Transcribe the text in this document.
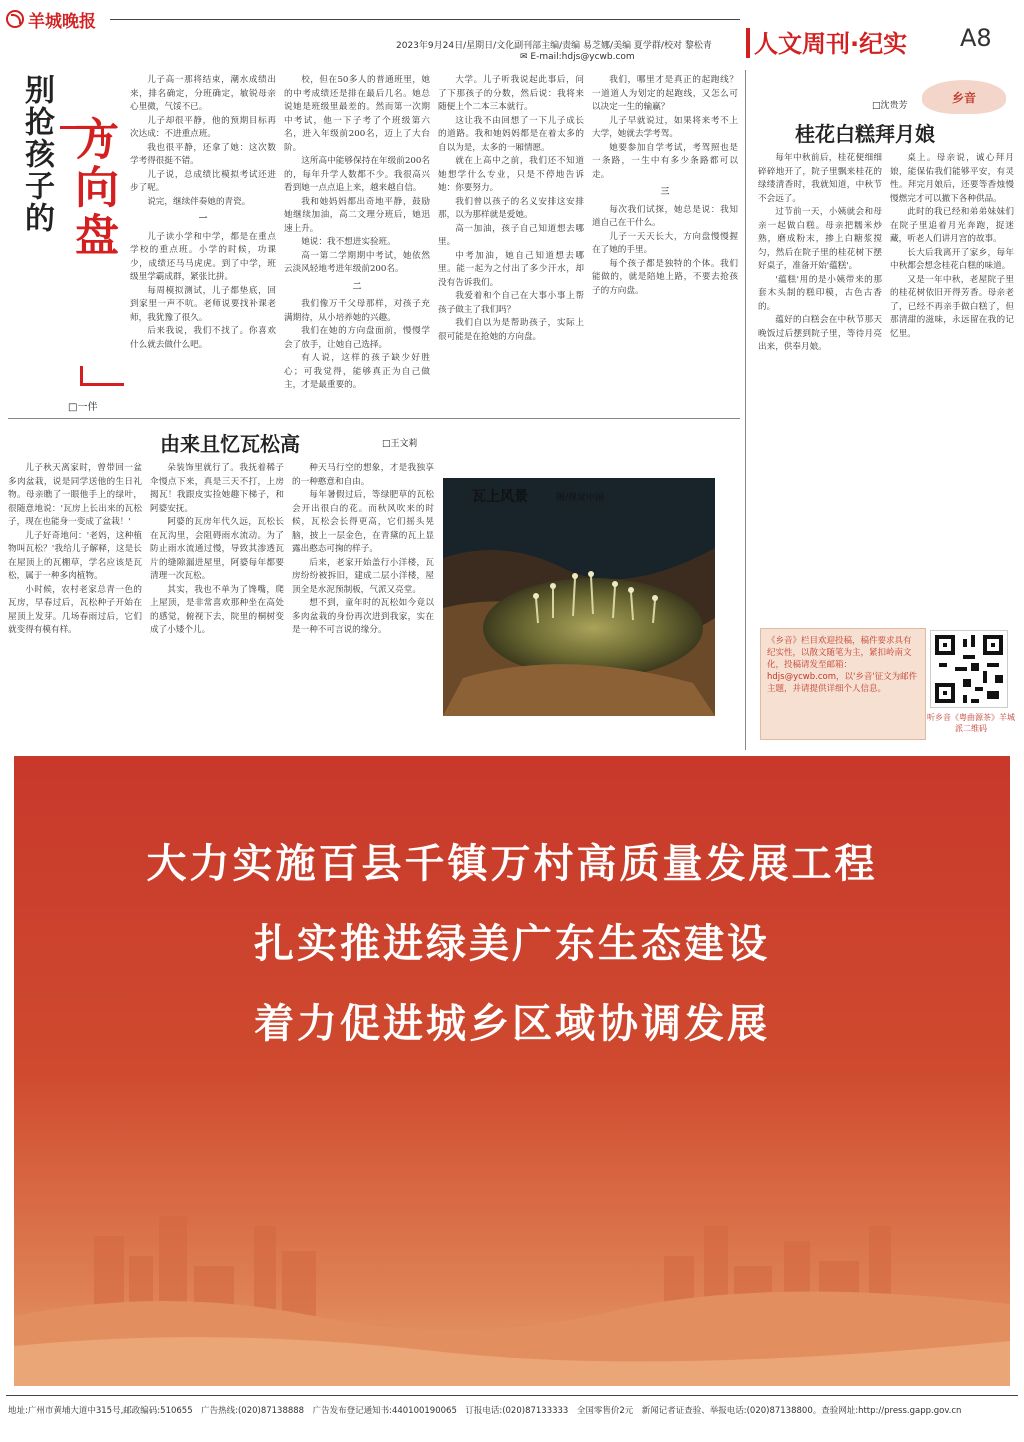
羊城晚报
2023年9月24日/星期日/文化副刊部主编/责编 易芝娜/美编 夏学群/校对 黎松青
✉ E-mail:hdjs@ycwb.com	人文周刊·纪实 A8
别抢孩子的 方向盘
□一伴

儿子高一那将结束，潮水成绩出来，排名确定，分班确定，敏锐母亲心里微，气馁不已。

儿子却很平静，他的预期目标再次达成：不进重点班。

我也很平静，还拿了她：这次数学考得很挺不错。

儿子说，总成绩比模拟考试还进步了呢。

说完，继续伴奏她的青瓷。

一

儿子读小学和中学，都是在重点学校的重点班。小学的时候，功课少，成绩还马马虎虎。到了中学，班级里学霸成群，紧张比拼。

每周模拟测试，儿子都垫底，回到家里一声不吭。老师说要找补课老师，我犹豫了很久。

后来我说，我们不找了。你喜欢什么就去做什么吧。

校，但在50多人的普通班里，她的中考成绩还是排在最后几名。她总说她是班级里最差的。然而第一次期中考试，他一下子考了个班级第六名，进入年级前200名，迈上了大台阶。

这所高中能够保持在年级前200名的，每年升学人数都不少。我很高兴看到她一点点追上来，越来越自信。

我和她妈妈都出奇地平静，鼓励她继续加油，高二文理分班后，她迅速上升。

她说：我不想进实验班。

高一第二学期期中考试，她依然云淡风轻地考进年级前200名。

二

我们像万千父母那样，对孩子充满期待，从小培养她的兴趣。

我们在她的方向盘面前，慢慢学会了放手，让她自己选择。

有人说，这样的孩子缺少好胜心；可我觉得，能够真正为自己做主，才是最重要的。

大学。儿子听我说起此事后，问了下那孩子的分数，然后说：我将来随便上个二本三本就行。

这让我不由回想了一下儿子成长的道路。我和她妈妈都是在着太多的自以为是，太多的一厢情愿。

就在上高中之前，我们还不知道她想学什么专业，只是不停地告诉她：你要努力。

我们曾以孩子的名义安排这安排那，以为那样就是爱她。

高一加油，孩子自己知道想去哪里。

中考加油，她自己知道想去哪里。能一起为之付出了多少汗水，却没有告诉我们。

我爱着和个自己在大事小事上帮孩子做主了我们吗？

我们自以为是帮助孩子，实际上很可能是在抢她的方向盘。

我们，哪里才是真正的起跑线？一道道人为划定的起跑线，又怎么可以决定一生的输赢？

儿子早就说过，如果将来考不上大学，她就去学考驾。

她要参加自学考试，考驾照也是一条路，一生中有多少条路都可以走。

三

每次我们试探，她总是说：我知道自己在干什么。

儿子一天天长大，方向盘慢慢握在了她的手里。

每个孩子都是独特的个体。我们能做的，就是陪她上路，不要去抢孩子的方向盘。

由来且忆瓦松高	□王文莉

儿子秋天离家时，曾带回一盆多肉盆栽，说是同学送他的生日礼物。母亲瞧了一眼他手上的绿叶，很随意地说：'瓦房上长出来的瓦松子，现在也能身一变成了盆栽！'

儿子好奇地问：'老妈，这种植物叫瓦松？'我给儿子解释，这是长在屋顶上的瓦棚草，学名应该是瓦松，属于一种多肉植物。

小时候，农村老家总青一色的瓦房，早春过后，瓦松种子开始在屋顶上发芽。几场春雨过后，它们就变得有模有样。

朵装饰里就行了。我抚着稀子伞慢点下来，真是三天不打，上房揭瓦！我跟皮实捡她趣下梯子，和阿婆安抚。

阿婆的瓦房年代久远，瓦松长在瓦沟里，会阻碍雨水流动。为了防止雨水流通过慢，导致其渗透瓦片的缝隙漏进屋里，阿婆每年都要清理一次瓦松。

其实，我也不单为了馋嘴，爬上屋顶，是非常喜欢那种坐在高处的感觉，俯视下去，院里的桐树变成了小矮个儿。

种天马行空的想象，才是我独享的一种憨意和自由。

每年暑假过后，等绿肥草的瓦松会开出很白的花。而秋风吹来的时候，瓦松会长得更高，它们摇头晃脑，披上一层金色，在青黛的瓦上显露出憨态可掬的样子。

后来，老家开始盖行小洋楼，瓦房纷纷被拆旧，建成二层小洋楼，屋顶全是水泥预制板，气派又亮堂。

想不到，童年时的瓦松如今竟以多肉盆栽的身份再次进到我家，实在是一种不可言说的缘分。

瓦上风景	图/视觉中国
乡音
□沈贵芳
桂花白糕拜月娘

每年中秋前后，桂花便细细碎碎地开了，院子里飘来桂花的绿缕清香时，我就知道，中秋节不会远了。

过节前一天，小姨就会和母亲一起做白糕。母亲把糯米炒熟，磨成粉末，掺上白糖浆搅匀，然后在院子里的桂花树下摆好桌子，准备开始'蕴糕'。

'蕴糕'用的是小姨带来的那套木头制的糕印模，古色古香的。

蕴好的白糕会在中秋节那天晚饭过后摆到院子里，等待月亮出来，供奉月娘。

桌上。母亲说，诚心拜月娘，能保佑我们能够平安，有灵性。拜完月娘后，还要等香烛慢慢燃完才可以撤下各种供品。

此时的我已经和弟弟妹妹们在院子里追着月光奔跑，捉迷藏，听老人们讲月宫的故事。

长大后我离开了家乡，每年中秋都会想念桂花白糕的味道。

又是一年中秋，老屋院子里的桂花树依旧开得芳香。母亲老了，已经不再亲手做白糕了，但那清甜的滋味，永远留在我的记忆里。

《乡音》栏目欢迎投稿，稿件要求具有纪实性，以散文随笔为主，紧扣岭南文化，投稿请发至邮箱：hdjs@ycwb.com，以'乡音'征文为邮件主题，并请提供详细个人信息。
听乡音《粤曲源茶》羊城派二维码
大力实施百县千镇万村高质量发展工程
扎实推进绿美广东生态建设
着力促进城乡区域协调发展
地址:广州市黄埔大道中315号,邮政编码:510655　广告热线:(020)87138888　广告发布登记通知书:440100190065　订报电话:(020)87133333　全国零售价2元　新闻记者证查验、举报电话:(020)87138800。查验网址:http://press.gapp.gov.cn
